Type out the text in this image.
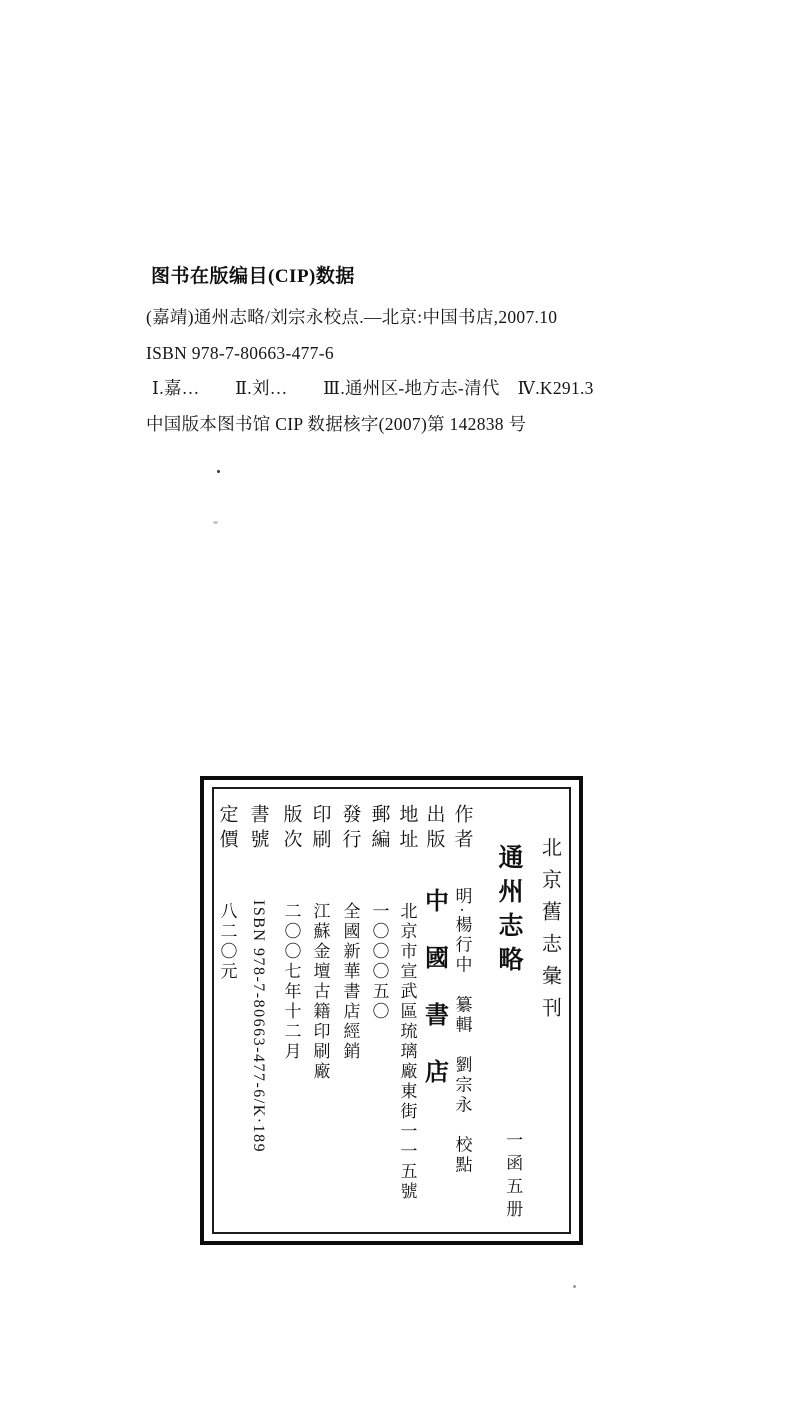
图书在版编目(CIP)数据

(嘉靖)通州志略/刘宗永校点.—北京:中国书店,2007.10

ISBN 978-7-80663-477-6

Ⅰ.嘉…　　Ⅱ.刘…　　Ⅲ.通州区-地方志-清代　Ⅳ.K291.3

中国版本图书馆 CIP 数据核字(2007)第 142838 号

北京舊志彙刊
通州志略
一函五册
作者
明·楊行中　纂輯　劉宗永　校點
出版
中國書店
地址
北京市宣武區琉璃廠東街一一五號
郵編
一〇〇〇五〇
發行
全國新華書店經銷
印刷
江蘇金壇古籍印刷廠
版次
二〇〇七年十二月
書號
ISBN 978-7-80663-477-6/K·189
定價
八二〇元
